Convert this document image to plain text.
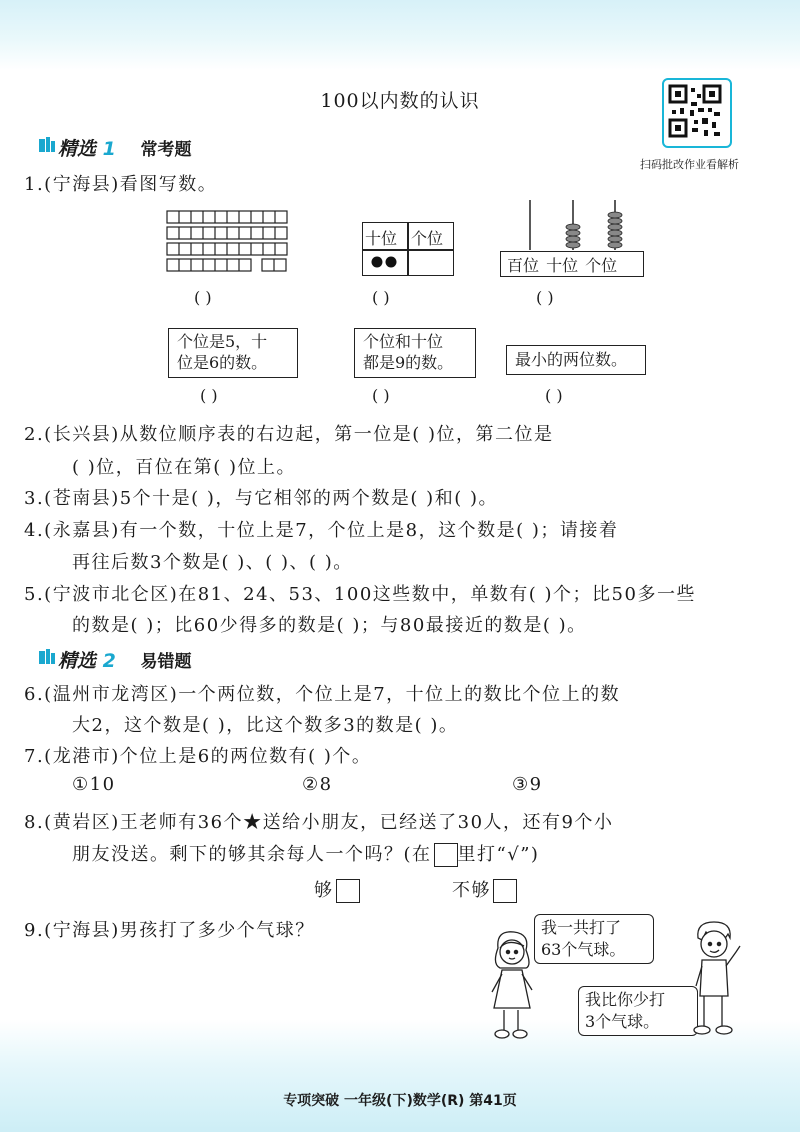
100以内数的认识
扫码批改作业看解析
精选 1 常考题
1.(宁海县)看图写数。
十位 个位
百位 十位 个位
( )	( )	( )
个位是5，十
位是6的数。
个位和十位
都是9的数。	最小的两位数。
( )	( )	( )
2.(长兴县)从数位顺序表的右边起，第一位是( )位，第二位是
( )位，百位在第( )位上。
3.(苍南县)5个十是( )，与它相邻的两个数是( )和( )。
4.(永嘉县)有一个数，十位上是7，个位上是8，这个数是( )；请接着
再往后数3个数是( )、( )、( )。
5.(宁波市北仑区)在81、24、53、100这些数中，单数有( )个；比50多一些
的数是( )；比60少得多的数是( )；与80最接近的数是( )。
精选 2 易错题
6.(温州市龙湾区)一个两位数，个位上是7，十位上的数比个位上的数
大2，这个数是( )，比这个数多3的数是( )。
7.(龙港市)个位上是6的两位数有( )个。
①10	②8	③9
8.(黄岩区)王老师有36个★送给小朋友，已经送了30人，还有9个小
朋友没送。剩下的够其余每人一个吗？(在 里打“√”)
够	不够
9.(宁海县)男孩打了多少个气球？	我一共打了
63个气球。
我比你少打
3个气球。
专项突破 一年级(下)数学(R) 第41页
